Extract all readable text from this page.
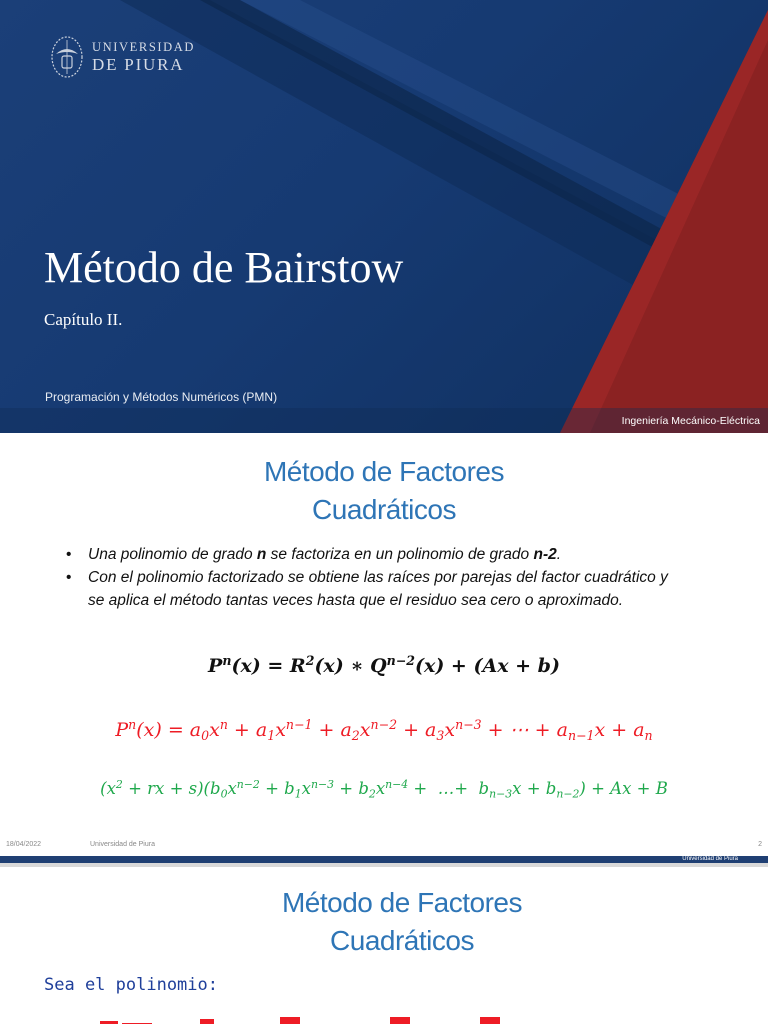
UNIVERSIDAD
DE PIURA
Método de Bairstow
Capítulo II.
Programación y Métodos Numéricos (PMN)
Ingeniería Mecánico-Eléctrica
Método de Factores
Cuadráticos
• Una polinomio de grado n se factoriza en un polinomio de grado n-2.
• Con el polinomio factorizado se obtiene las raíces por parejas del factor cuadrático y se aplica el método tantas veces hasta que el residuo sea cero o aproximado.
$P^n(x) = R^2(x)$ ∗ $Q^{n-2}(x) + (Ax + b)$
$P^n(x) = a_0x^n + a_1x^{n-1} + a_2x^{n-2} + a_3x^{n-3}$ + ⋯ + $a_{n-1}x + a_n$
($x^2$ + rx + $s)(b_0x^{n-2} + b_1x^{n-3} + b_2x^{n-4}$ +  …+  $b_{n-3}x + b_{n-2}) + Ax + B$
18/04/2022	Universidad de Piura	2
Universidad de Piura
Método de Factores
Cuadráticos
Sea el polinomio:
